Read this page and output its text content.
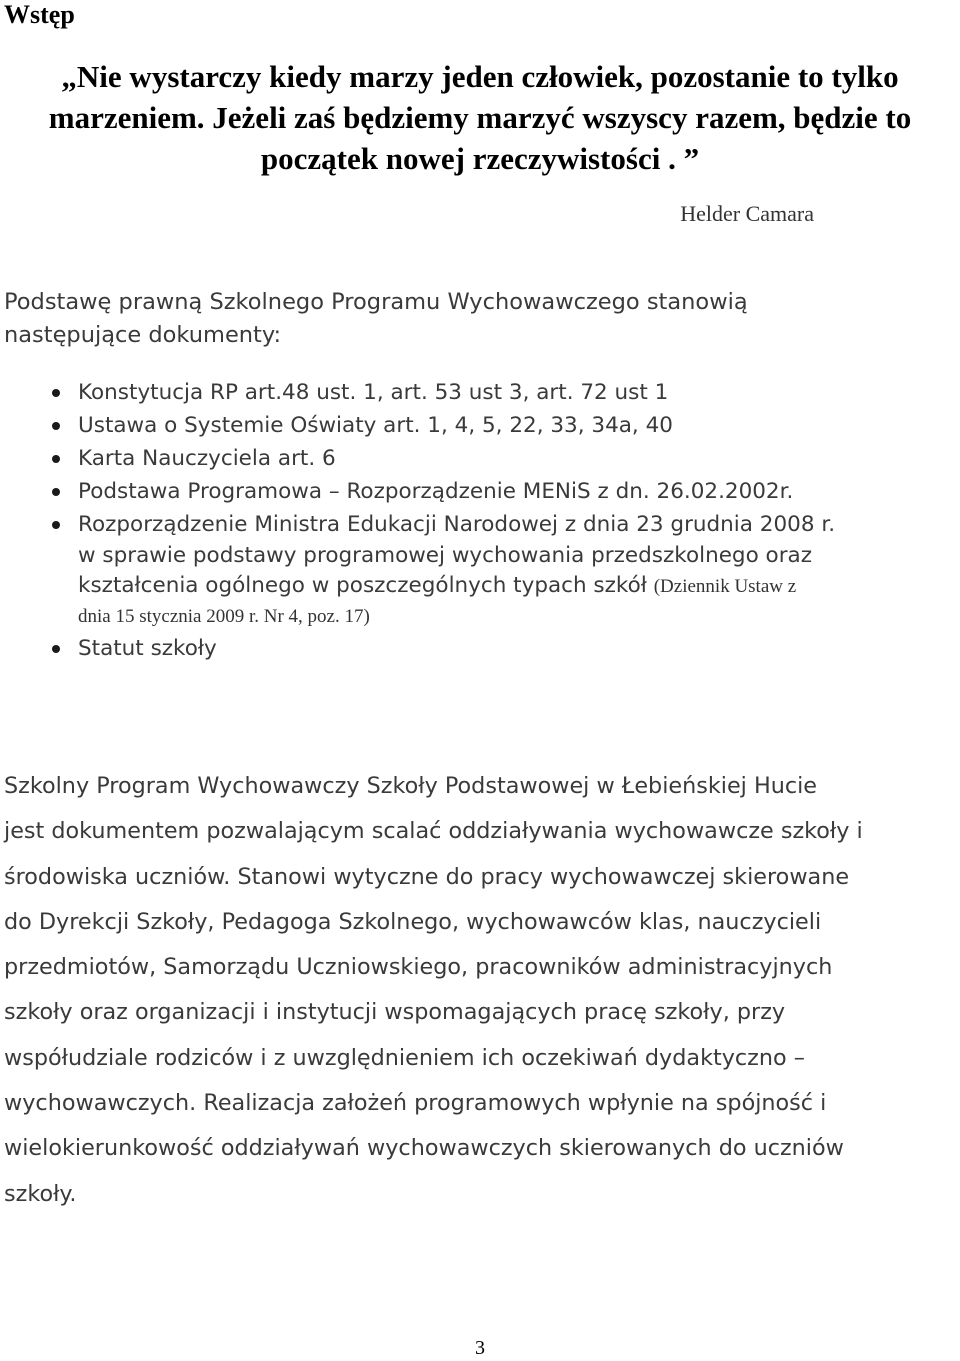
Wstęp
„Nie wystarczy kiedy marzy jeden człowiek, pozostanie to tylko
marzeniem. Jeżeli zaś będziemy marzyć wszyscy razem, będzie to
początek nowej rzeczywistości . ”
Helder Camara

Podstawę prawną Szkolnego Programu Wychowawczego stanowią
następujące dokumenty:

Konstytucja RP art.48 ust. 1, art. 53 ust 3, art. 72 ust 1
Ustawa o Systemie Oświaty art. 1, 4, 5, 22, 33, 34a, 40
Karta Nauczyciela art. 6
Podstawa Programowa – Rozporządzenie MENiS z dn. 26.02.2002r.
Rozporządzenie Ministra Edukacji Narodowej z dnia 23 grudnia 2008 r.
w sprawie podstawy programowej wychowania przedszkolnego oraz
kształcenia ogólnego w poszczególnych typach szkół (Dziennik Ustaw z
dnia 15 stycznia 2009 r. Nr 4, poz. 17)
Statut szkoły

Szkolny Program Wychowawczy Szkoły Podstawowej w Łebieńskiej Hucie
jest dokumentem pozwalającym scalać oddziaływania wychowawcze szkoły i
środowiska uczniów. Stanowi wytyczne do pracy wychowawczej skierowane
do Dyrekcji Szkoły, Pedagoga Szkolnego, wychowawców klas, nauczycieli
przedmiotów, Samorządu Uczniowskiego, pracowników administracyjnych
szkoły oraz organizacji i instytucji wspomagających pracę szkoły, przy
współudziale rodziców i z uwzględnieniem ich oczekiwań dydaktyczno –
wychowawczych. Realizacja założeń programowych wpłynie na spójność i
wielokierunkowość oddziaływań wychowawczych skierowanych do uczniów
szkoły.

3
